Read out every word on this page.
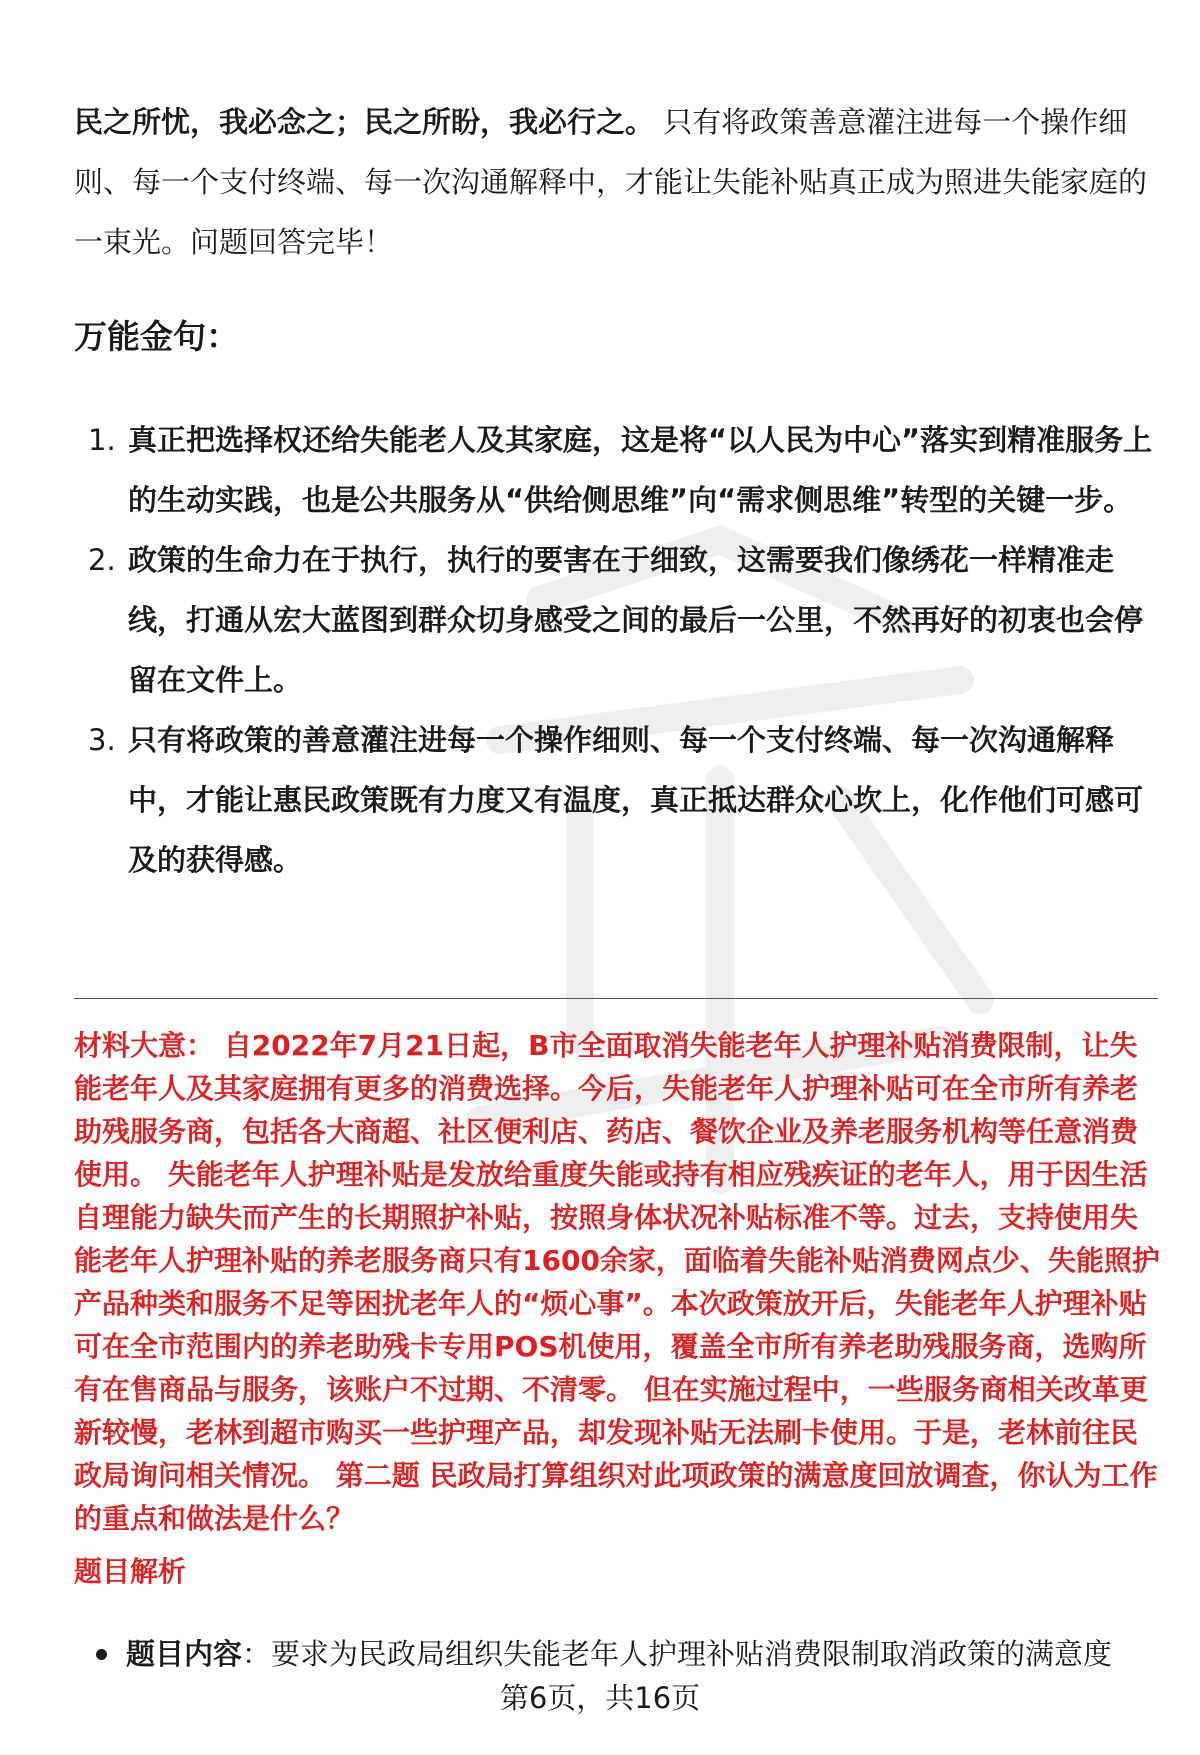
民之所忧，我必念之；民之所盼，我必行之。 只有将政策善意灌注进每一个操作细则、每一个支付终端、每一次沟通解释中，才能让失能补贴真正成为照进失能家庭的一束光。问题回答完毕！
万能金句：
1. 真正把选择权还给失能老人及其家庭，这是将“以人民为中心”落实到精准服务上的生动实践，也是公共服务从“供给侧思维”向“需求侧思维”转型的关键一步。
2. 政策的生命力在于执行，执行的要害在于细致，这需要我们像绣花一样精准走线，打通从宏大蓝图到群众切身感受之间的最后一公里，不然再好的初衷也会停留在文件上。
3. 只有将政策的善意灌注进每一个操作细则、每一个支付终端、每一次沟通解释中，才能让惠民政策既有力度又有温度，真正抵达群众心坎上，化作他们可感可及的获得感。
材料大意： 自2022年7月21日起，B市全面取消失能老年人护理补贴消费限制，让失能老年人及其家庭拥有更多的消费选择。今后，失能老年人护理补贴可在全市所有养老助残服务商，包括各大商超、社区便利店、药店、餐饮企业及养老服务机构等任意消费使用。 失能老年人护理补贴是发放给重度失能或持有相应残疾证的老年人，用于因生活自理能力缺失而产生的长期照护补贴，按照身体状况补贴标准不等。过去，支持使用失能老年人护理补贴的养老服务商只有1600余家，面临着失能补贴消费网点少、失能照护产品种类和服务不足等困扰老年人的“烦心事”。本次政策放开后，失能老年人护理补贴可在全市范围内的养老助残卡专用POS机使用，覆盖全市所有养老助残服务商，选购所有在售商品与服务，该账户不过期、不清零。 但在实施过程中，一些服务商相关改革更新较慢，老林到超市购买一些护理产品，却发现补贴无法刷卡使用。于是，老林前往民政局询问相关情况。 第二题 民政局打算组织对此项政策的满意度回放调查，你认为工作的重点和做法是什么？
题目解析
题目内容：要求为民政局组织失能老年人护理补贴消费限制取消政策的满意度
第6页，共16页
